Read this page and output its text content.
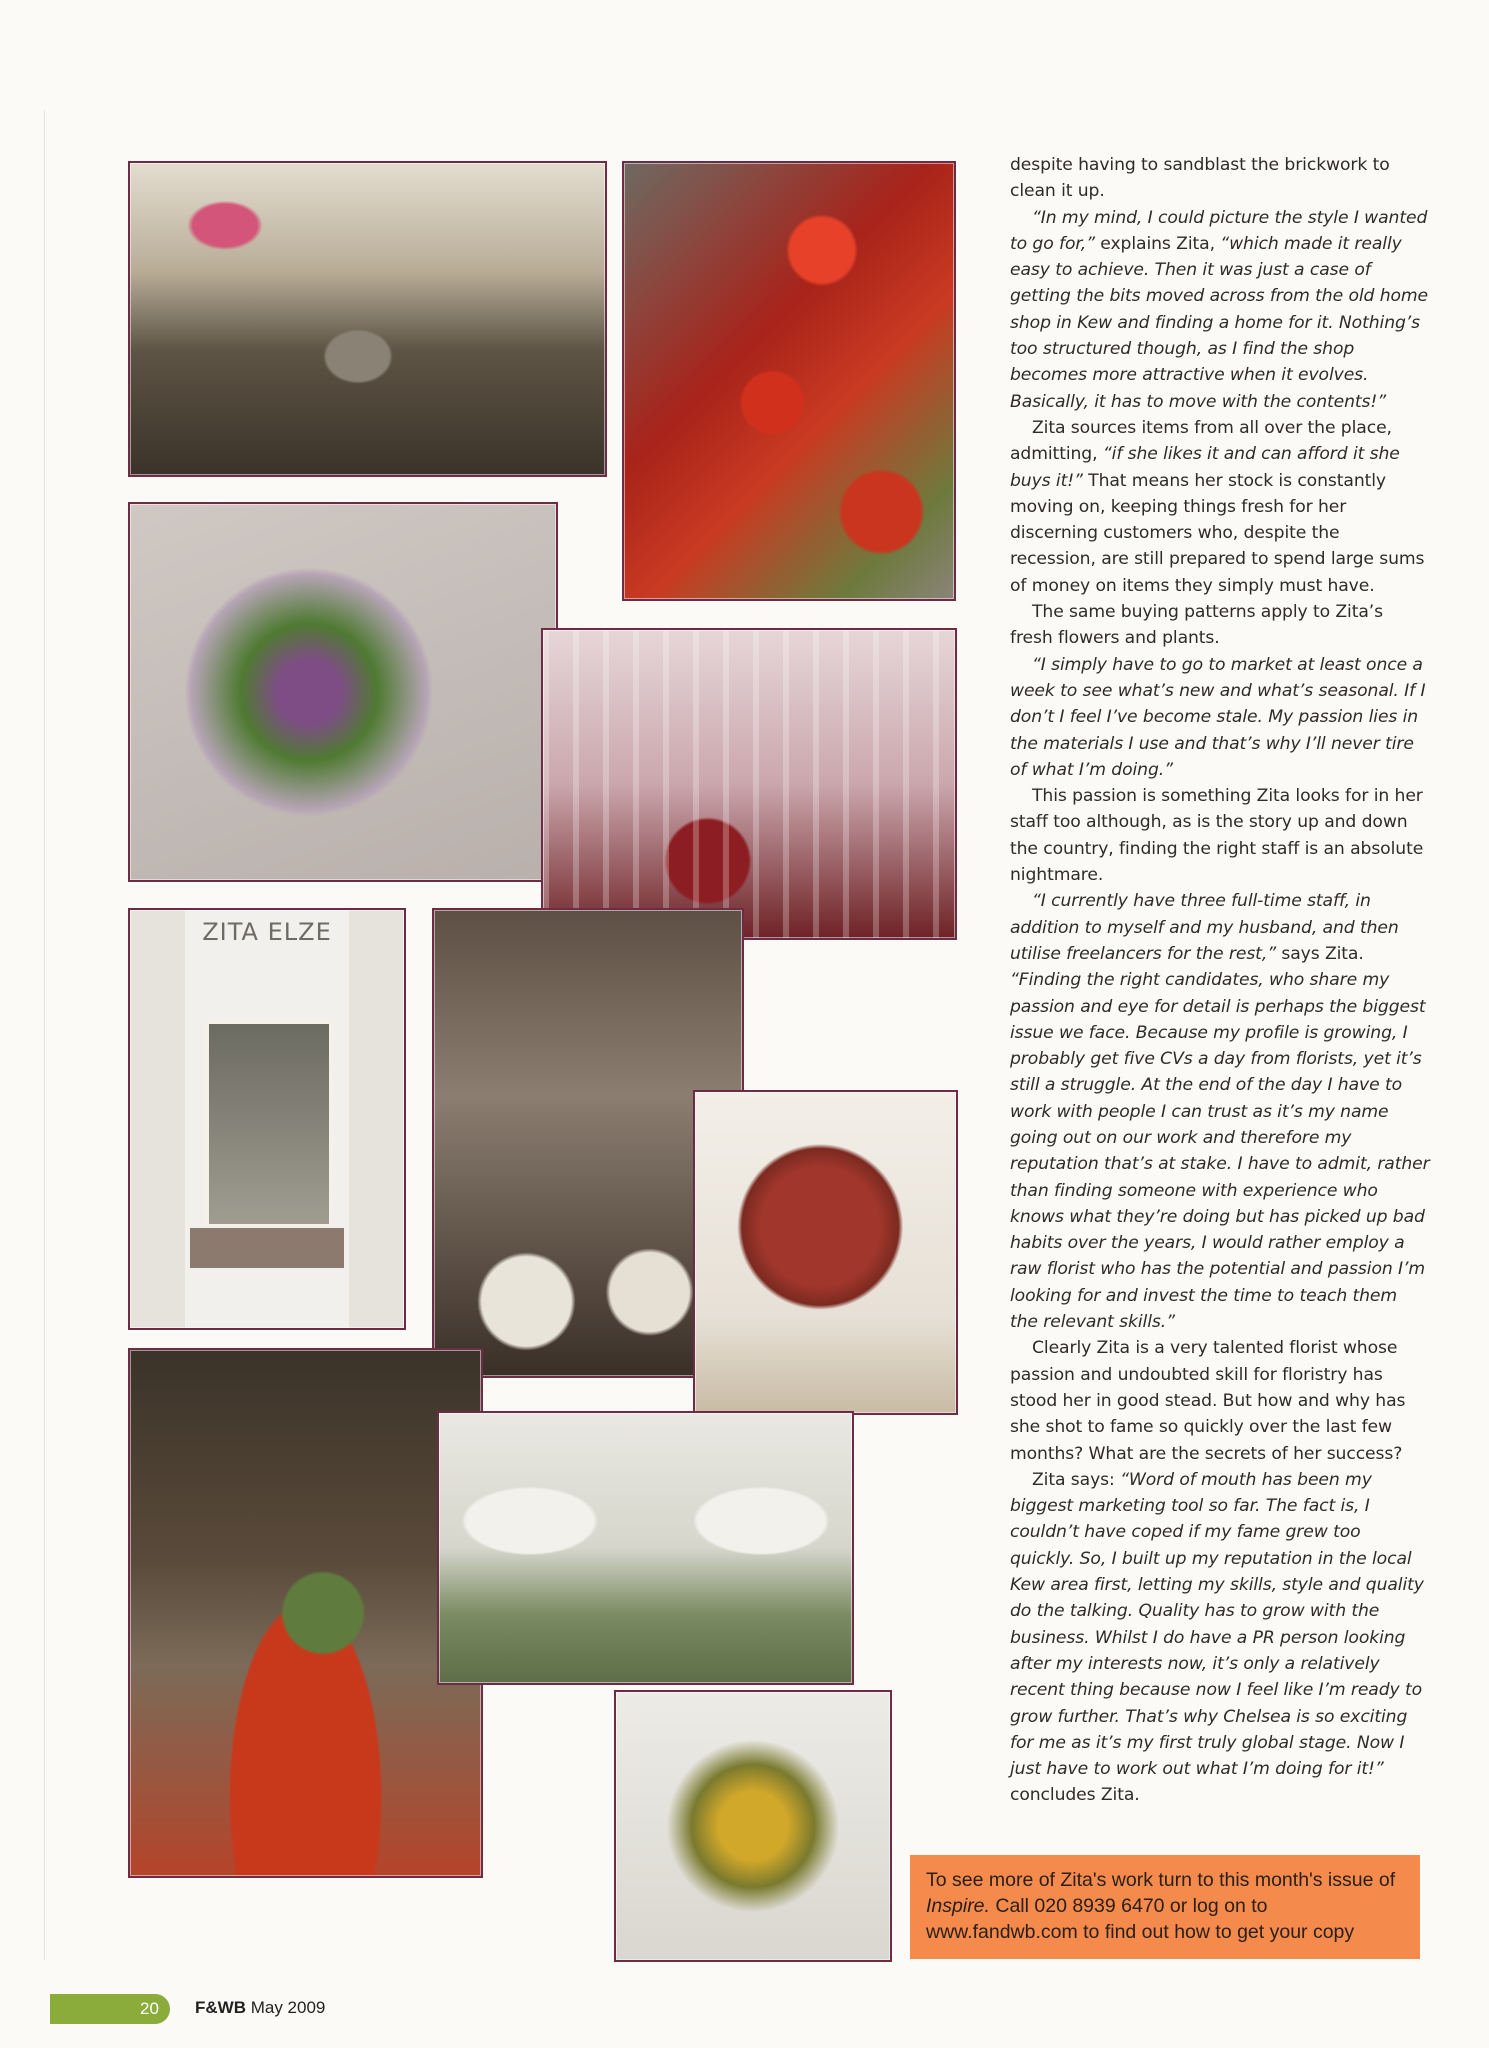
ZITA ELZE

despite having to sandblast the brickwork to clean it up.

“In my mind, I could picture the style I wanted to go for,” explains Zita, “which made it really easy to achieve. Then it was just a case of getting the bits moved across from the old home shop in Kew and finding a home for it. Nothing’s too structured though, as I find the shop becomes more attractive when it evolves. Basically, it has to move with the contents!”

Zita sources items from all over the place, admitting, “if she likes it and can afford it she buys it!” That means her stock is constantly moving on, keeping things fresh for her discerning customers who, despite the recession, are still prepared to spend large sums of money on items they simply must have.

The same buying patterns apply to Zita’s fresh flowers and plants.

“I simply have to go to market at least once a week to see what’s new and what’s seasonal. If I don’t I feel I’ve become stale. My passion lies in the materials I use and that’s why I’ll never tire of what I’m doing.”

This passion is something Zita looks for in her staff too although, as is the story up and down the country, finding the right staff is an absolute nightmare.

“I currently have three full-time staff, in addition to myself and my husband, and then utilise freelancers for the rest,” says Zita. “Finding the right candidates, who share my passion and eye for detail is perhaps the biggest issue we face. Because my profile is growing, I probably get five CVs a day from florists, yet it’s still a struggle. At the end of the day I have to work with people I can trust as it’s my name going out on our work and therefore my reputation that’s at stake. I have to admit, rather than finding someone with experience who knows what they’re doing but has picked up bad habits over the years, I would rather employ a raw florist who has the potential and passion I’m looking for and invest the time to teach them the relevant skills.”

Clearly Zita is a very talented florist whose passion and undoubted skill for floristry has stood her in good stead. But how and why has she shot to fame so quickly over the last few months? What are the secrets of her success?

Zita says: “Word of mouth has been my biggest marketing tool so far. The fact is, I couldn’t have coped if my fame grew too quickly. So, I built up my reputation in the local Kew area first, letting my skills, style and quality do the talking. Quality has to grow with the business. Whilst I do have a PR person looking after my interests now, it’s only a relatively recent thing because now I feel like I’m ready to grow further. That’s why Chelsea is so exciting for me as it’s my first truly global stage. Now I just have to work out what I’m doing for it!” concludes Zita.

To see more of Zita's work turn to this month's issue of Inspire. Call 020 8939 6470 or log on to www.fandwb.com to find out how to get your copy
20 F&WB May 2009
